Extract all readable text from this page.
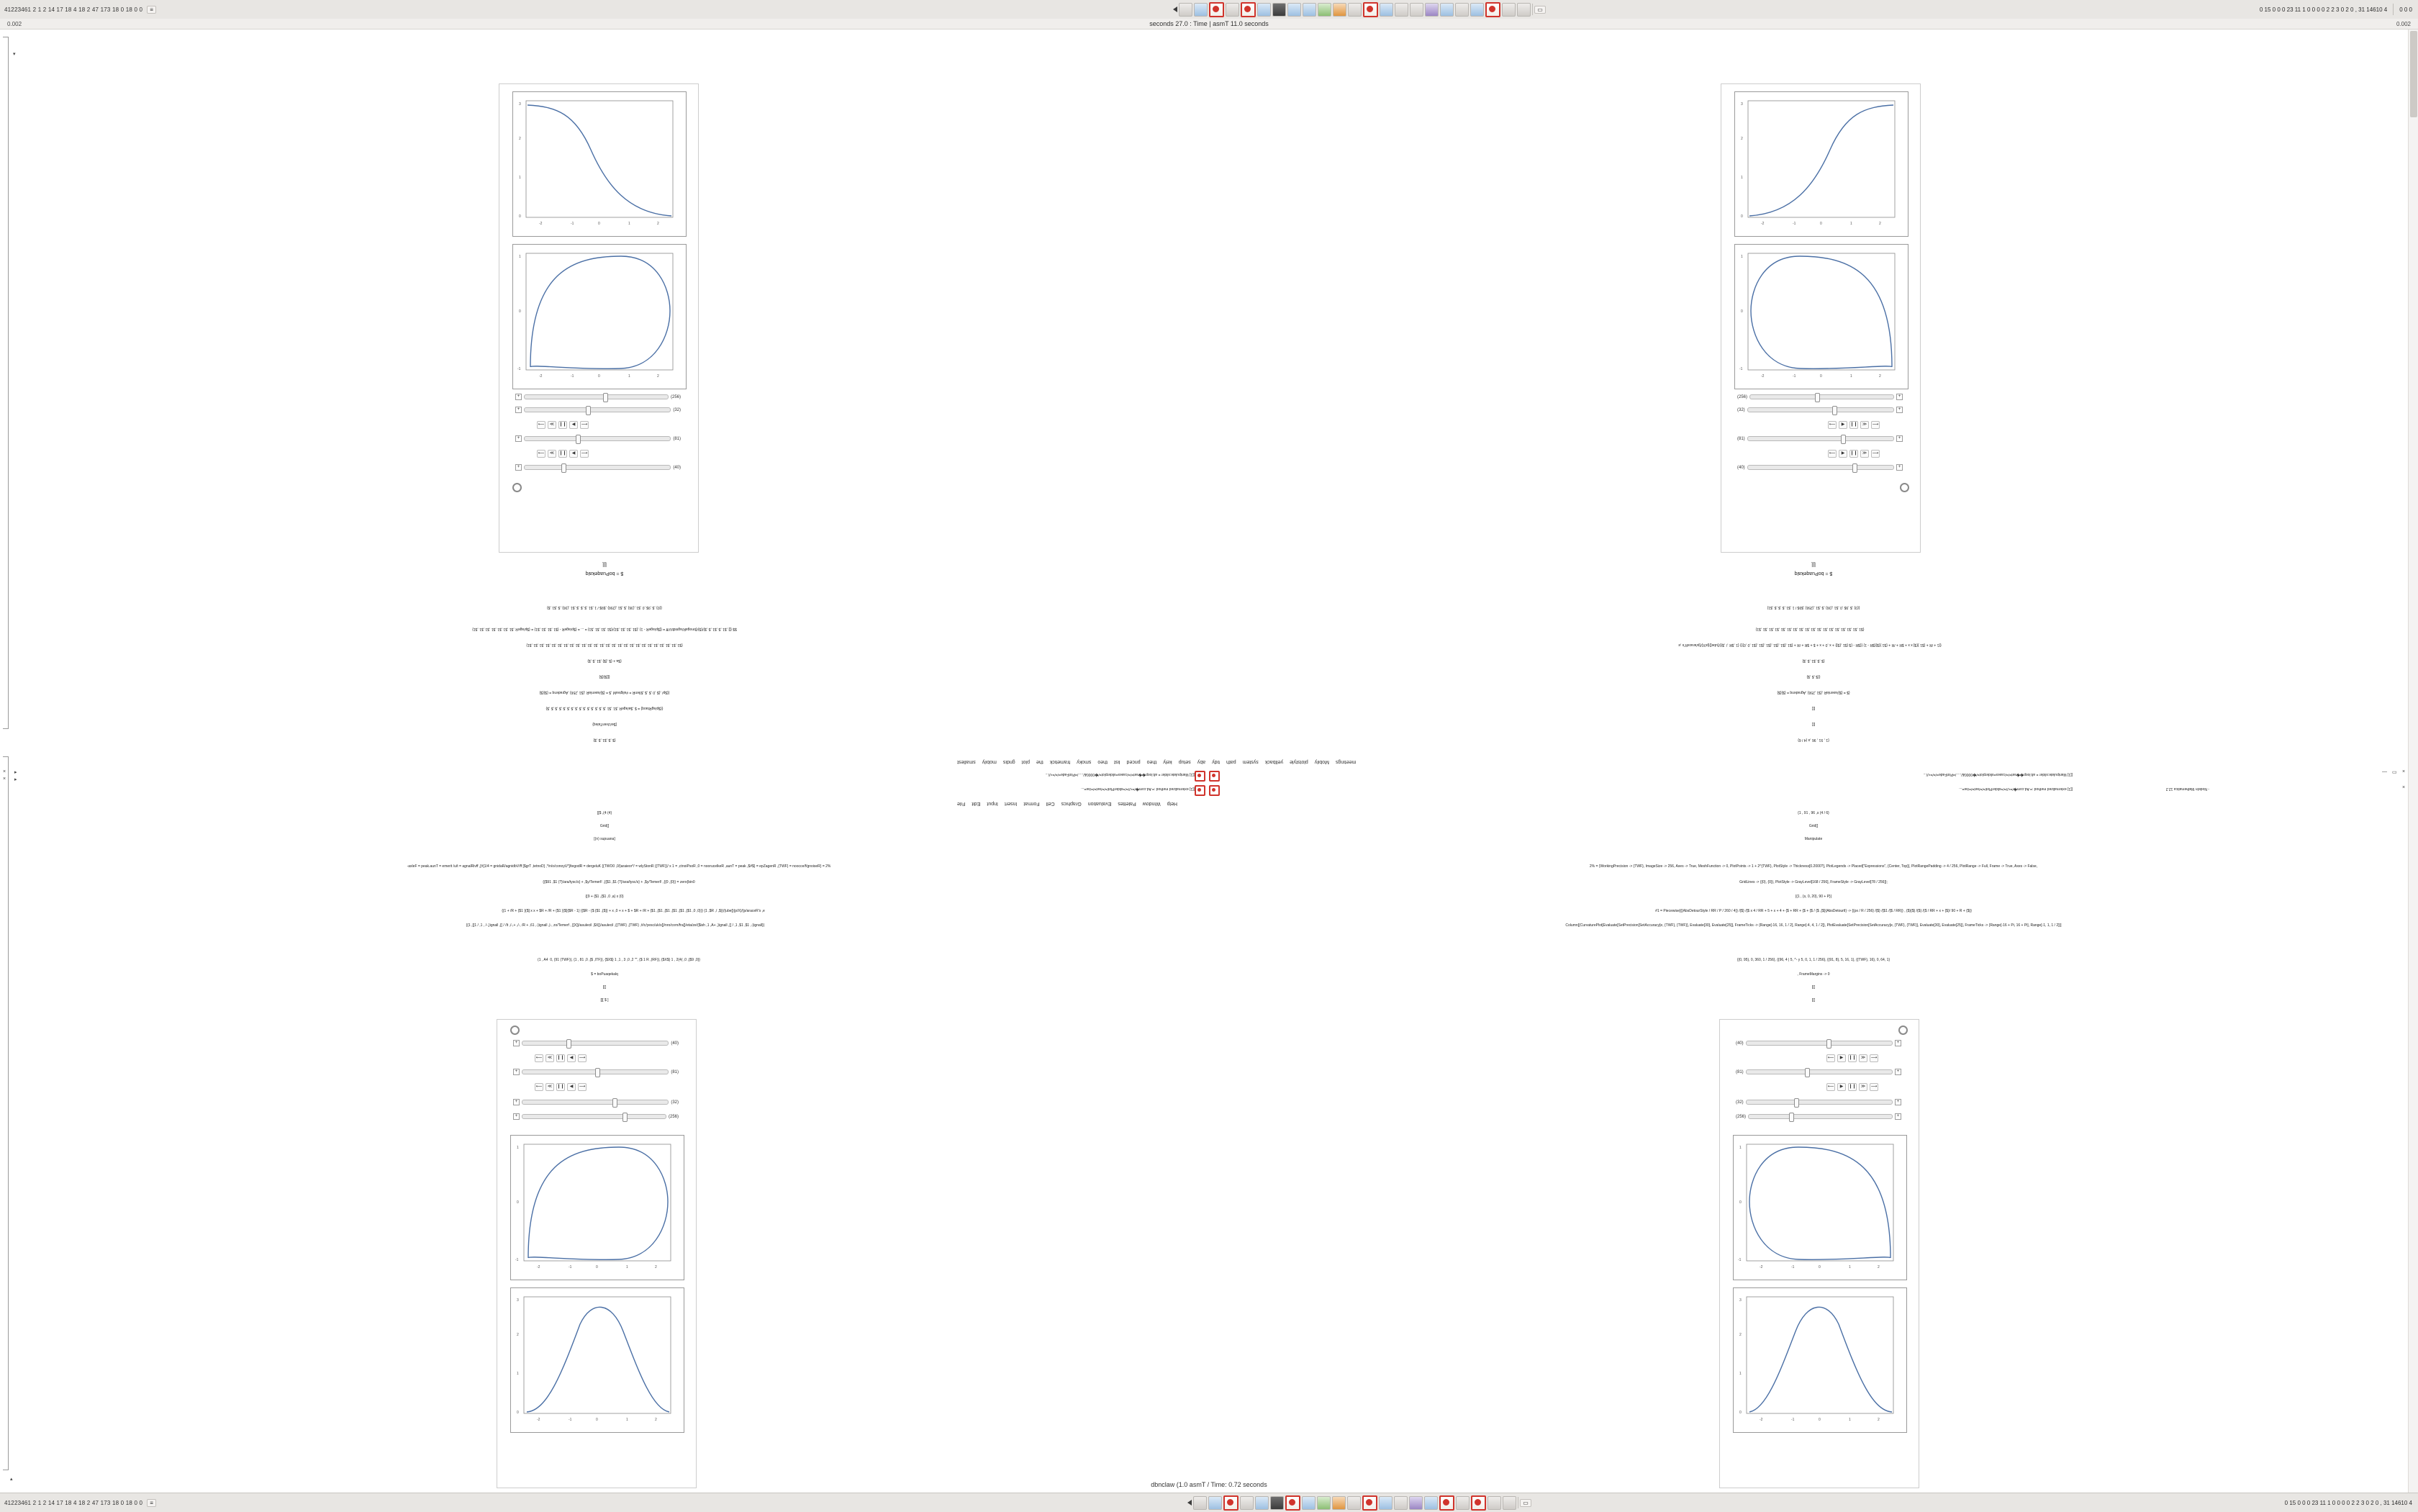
41223461 2 1 2 14 17 18 4 18 2 47 173 18 0 18 0 0	≡	▭	0 15 0 0 0 23 11 1 0 0 0 0 2 2 3 0 2 0 , 31 14610 4 0 0 0
0.002	seconds 27.0 : Time | asmT 11.0 seconds	0.002
▾
×
×
▸
▸
▴
-2	-1	0	1	2
0
1
2
3
-2	-1	0	1	2
-1
0
1
+	(256)
+	(32)
⟵	≪	❙❙	◀	⟶
+	(81)
⟵	≪	❙❙	◀	⟶
+	(40)
[[[
$ = boPuaqekalq
{(0} ,$ ,9$ ,0 ,$1 ,(36} ,$ ,$1 ,(256} ,$9$ / 1 ,$1 ,$ ,$ ,$ ,$1 ,(36} ,$ ,$1 ,$}
$$ {[] ,$1 ,$ ,$1 ,$ ,$}/{$}/{bnogaR/agnidbV/ff = {[$p/ageR - 1} ,{$1 ,$1 ,$1 ,$1}/{$1 ,$1 ,$1 ,$1} = ... = {$p/ageR - {$1 ,$1 ,$1 ,$1} = {$p/ageR ,$1 ,$1 ,$1 ,$1 ,$1 ,$1 ,$1}
{$1 ,$1 ,$1 ,$1 ,$1 ,$1 ,$1 ,$1 ,$1 ,$1 ,$1 ,$1 ,$1 ,$1 ,$1 ,$1 ,$1 ,$1 ,$1 ,$1 ,$1 ,$1 ,$1 ,$1 ,$1 ,$1}
{$a + {$ ,{$} ,$1 ,$ ,$}
{[[$}{$}
{{$p/ ,{$ ,0 ,$ ,$ ,$9enR = #aligivaM ,$ = {$}/asenlaR ,{$1 ,256} ,Agradenq = {$}{$}
{{$p/agRtaoq} = $ ,$a/ageR ,$1 ,$1 ,$ ,$ ,$ ,$ ,$ ,$ ,$ ,$ ,$ ,$ ,$ ,$ ,$ ,$ ,$}
[$e/clvenTaleq}
{$ ,$ ,$1 ,$ ,$}
-2	-1	0	1	2
0
1
2
3
-2	-1	0	1	2
-1
0
1
(256)	+
(32)	+
⟵	▶	❙❙	≫	⟶
(81)	+
⟵	▶	❙❙	≫	⟶
(40)	+
[[[
$ = boPuaqekalq
{(0} ,$ ,9$ ,0 ,$1 ,(36} ,$ ,$1 ,(256} ,$9$ / 1 ,$1 ,$ ,$ ,$ ,$1}
{$1 ,$1 ,$1 ,$1 ,$1 ,$1 ,$1 ,$1 ,$1 ,$1 ,$1 ,$1 ,$1 ,$1 ,$1 ,$1 ,$1 ,$1}
{{1 + /R + {$1 }{$] x x + $R + /R + {$1 }{$}{$R - 1} {{$R - {$ {$1 ,{$}} + x ,0 + x + $ + $R + /R + {$1 ,{$1 ,{$1 ,{$1 ,{$1 ,{$1 ,0 ,0}}} {1 ,$R ,/ ,$}{/{ube[}{p/X}/{p/araceR's ,e
{$ ,$ ,$1 ,$ ,$}
{{$ ,$ ,$}
{$ = {$}/asenlaR ,{$1 ,256} ,Agradenq = {$}{$}
[[[
[[[
{1 , 91 , 96 ,s (4 / 6}
meetings
Mobily
plotstyle
yellback
system
path
tidy
aby
setup
kely
theo
priced
list
theo
smoky
frametick
the
plot
gridis
mobily
smallest
[[1] Manipulate:slider = alt.loop��set=/=/cases=sliderplot=/�0000&/...../=PlotFade=/=/=<//...	[[1] Manipulate:slider = alt.loop��set=/=/cases=sliderplot=/�0000&/...../=PlotFade=/=/=<//...
[[1] externalized method := Ad.com�/=<//=/=sliderPlot/=/=/set=/=/se=...	[[1] externalized method := Ad.com�/=<//=/=sliderPlot/=/=/set=/=/se=...	- NodeIn Mathematica 12.2
Help
Window
Palettes
Evaluation
Graphics
Cell
Format
Insert
Input
Edit
File
— ▭ ×
×
[[$ ,(4 (4}
Grid[[
[(n) supuana]
-axleF = peak.aunT = emerit /u/t = agnalRivff ,[#[1/4 = gnidaR/agnidbV/ff [$grT ,tetnoD] ,*/n/o/conoyU*]/tegodR = dergeluK {{TWO0 ,0/}araieor*/ = wlyStonR {{TWF}}/ x 1 = ,ctnoiPsoR ,0 = noorucelkeR ,aunT = peak ,$#$} = epZagenR ,{TWF} = noocce/f/gnoiseR} = 2%
{{$91 ,$1 (?}/ara/tysc/s} + ,$y/TemerF ,{{$1 ,$1 (?}/ara/tysc/s} + ,$y/TemerF ,{{0 ,{0}} = zero{bin0
{{9 + {$1 ,{$1 ,0 ,a} x (0}
{{1 + /R + {$1 }{$] x x + $R + /R + {$1 }{$}{$R - 1} {{$R - {$ {$1 ,{$}} + x ,0 + x + $ + $R + /R + {$1 ,{$1 ,{$1 ,{$1 ,{$1 ,{$1 ,0 ,0}}} {1 ,$R ,/ ,$}{/{ube[}{p/X}/{p/araceR's ,e
{{1 ,[[1 / ,1 , /-,}ignall ,[[ / /It ,/-,+ ,/-, /R + ,61 ,-}ignall ,|-, zo/Temerf , [[X]}/asulecil ,$X[}/asulecil ,{{TWF} ,{TWF} ,#/c/yesc/uk/s[}/nro/corn/fra[}/eta/ze/{$ish ,1 ,A+ ,}ignall ,[[ / ,1 ,$1 ,$1 ,-}ignall}}
(1 , A4  0, {91 (TWF)}, {1 , 81 ,0 ,{$ ,ITF}}, {$X$} 1 ,1 , 3 ,0 ,2 "", {$ 1 R ,(RF)}, {$X$} 1 , 2(4( ,0 ,{$9 ,0}}
$ = boPuaqekalq
[[[
[[[ $ ]
{1 , 91 , 96 ,s (4 / 6}
Grid[[
Manipulate
2% = {WorkingPrecision -> {TWF}, ImageSize -> 256, Axes -> True, MeshFunction -> 0, PlotPoints -> 1 + 2^{TWF}, PlotStyle -> Thickness[0.2000?], PlotLegends -> Placed["Expressions", {Center, Top}], PlotRangePadding -> 4 / 256, PlotRange -> Full, Frame -> True, Axes -> False,
GridLines -> {{0}, {0}}, PlotStyle -> GrayLevel[168 / 256], FrameStyle -> GrayLevel[78 / 256]};
{{1 , {s, 0, 20}, 90 + P}}
#1 = Piecewise[{{AbsDetourStyle / RR / P / 260 / 4}} /{$} /{$ x 4 / RR + 5 + x + 4 + {$ + RR + {$ + {$ / {$ ,{$}{AbsDetourtl} -> {{px / R / 256} /{$} /{$1 /{$ / RR}} , {$}{$} /{$} /{$ / RR + x + {$}/ 90 + R + {$}}
Column[{CurvaturePlot[Evaluate[SetPrecision[SetAccuracy[e, {TWF}, {TWF}], Evaluate[30], Evaluate[25]], FrameTicks -> {Range[-16, 16, 1 / 2], Range[-4, 4, 1 / 2]}, PlotEvaluate[SetPrecision[SetAccuracy[e, {TWF}, {TWF}], Evaluate[30], Evaluate[25]], FrameTicks -> {Range[-16 + Pi, 16 + Pi], Range[-1, 1, 1 / 2]}]
{{0, 95}, 0, 360, 1 / 256}, {{96, 4 | 5, ^- y 5, 0, 1, 1 / 256}, {{91, 8}, 5, 16, 1}, {{TWF}, 16}, 0, 64, 1}
, FrameMargins -> 0
[[[
[[[
+	(40)
⟵	≪	❙❙	◀	⟶
+	(81)
⟵	≪	❙❙	◀	⟶
+	(32)
+	(256)
-2	-1	0	1	2
-1
0
1
-2	-1	0	1	2
0
1
2
3
(40)	+
⟵	▶	❙❙	≫	⟶
(81)	+
⟵	▶	❙❙	≫	⟶
(32)	+
(256)	+
-2	-1	0	1	2
-1
0
1
-2	-1	0	1	2
0
1
2
3
41223461 2 1 2 14 17 18 4 18 2 47 173 18 0 18 0 0	≡	▭	0 15 0 0 0 23 11 1 0 0 0 0 2 2 3 0 2 0 , 31 14610 4
dbnclaw (1.0 asmT / Time: 0.72 seconds
